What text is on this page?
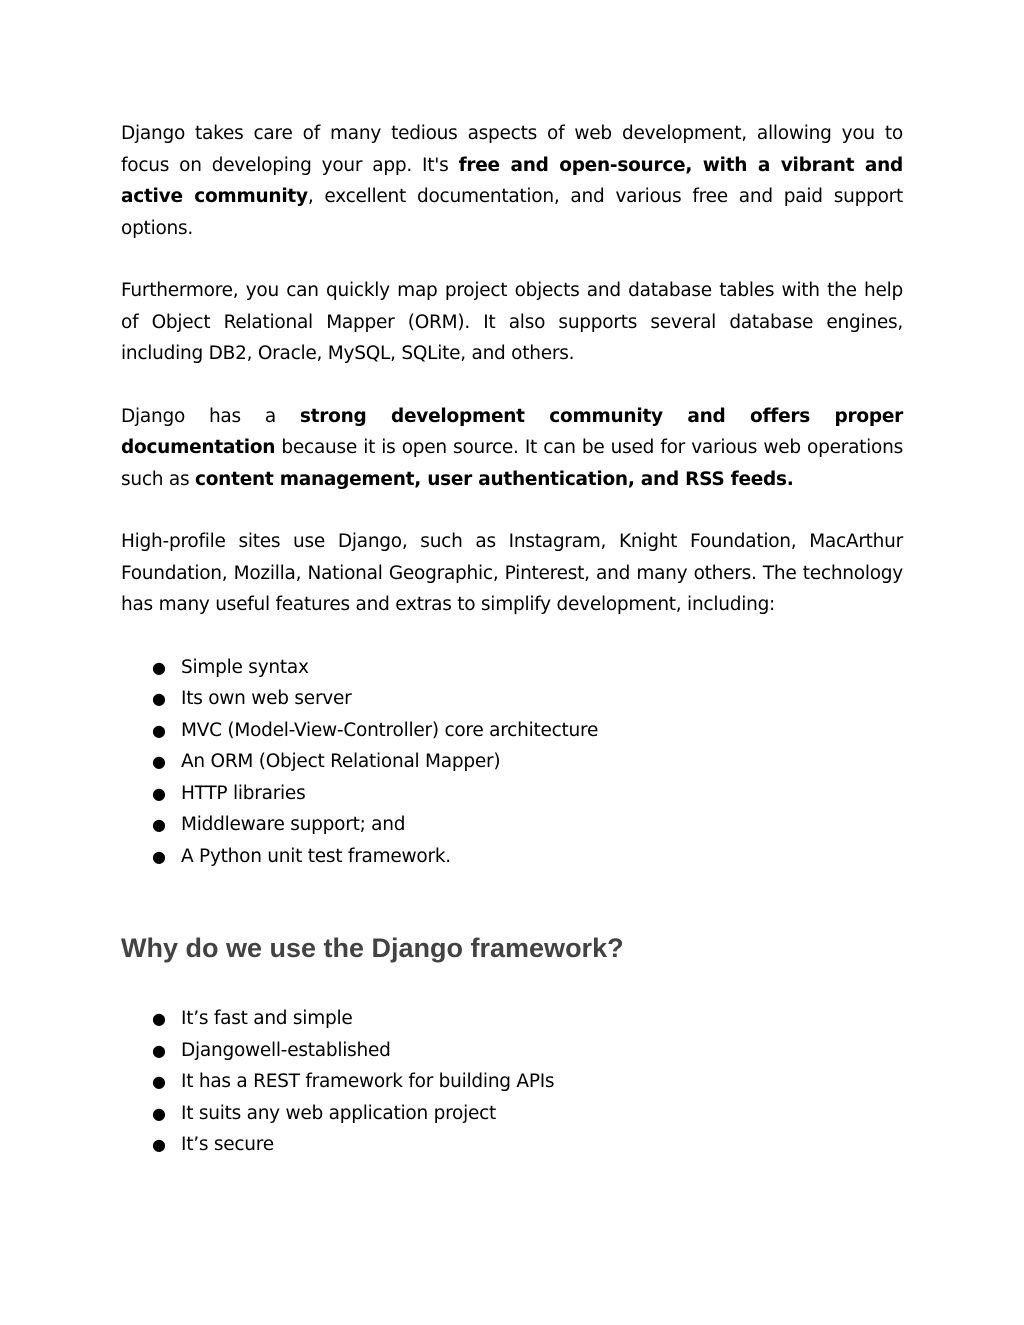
Django takes care of many tedious aspects of web development, allowing you to focus on developing your app. It's free and open-source, with a vibrant and active community, excellent documentation, and various free and paid support options.

Furthermore, you can quickly map project objects and database tables with the help of Object Relational Mapper (ORM). It also supports several database engines, including DB2, Oracle, MySQL, SQLite, and others.

Django has a strong development community and offers proper documentation because it is open source. It can be used for various web operations such as content management, user authentication, and RSS feeds.

High-profile sites use Django, such as Instagram, Knight Foundation, MacArthur Foundation, Mozilla, National Geographic, Pinterest, and many others. The technology has many useful features and extras to simplify development, including:

● Simple syntax
● Its own web server
● MVC (Model-View-Controller) core architecture
● An ORM (Object Relational Mapper)
● HTTP libraries
● Middleware support; and
● A Python unit test framework.
Why do we use the Django framework?
● It’s fast and simple
● Djangowell-established
● It has a REST framework for building APIs
● It suits any web application project
● It’s secure
